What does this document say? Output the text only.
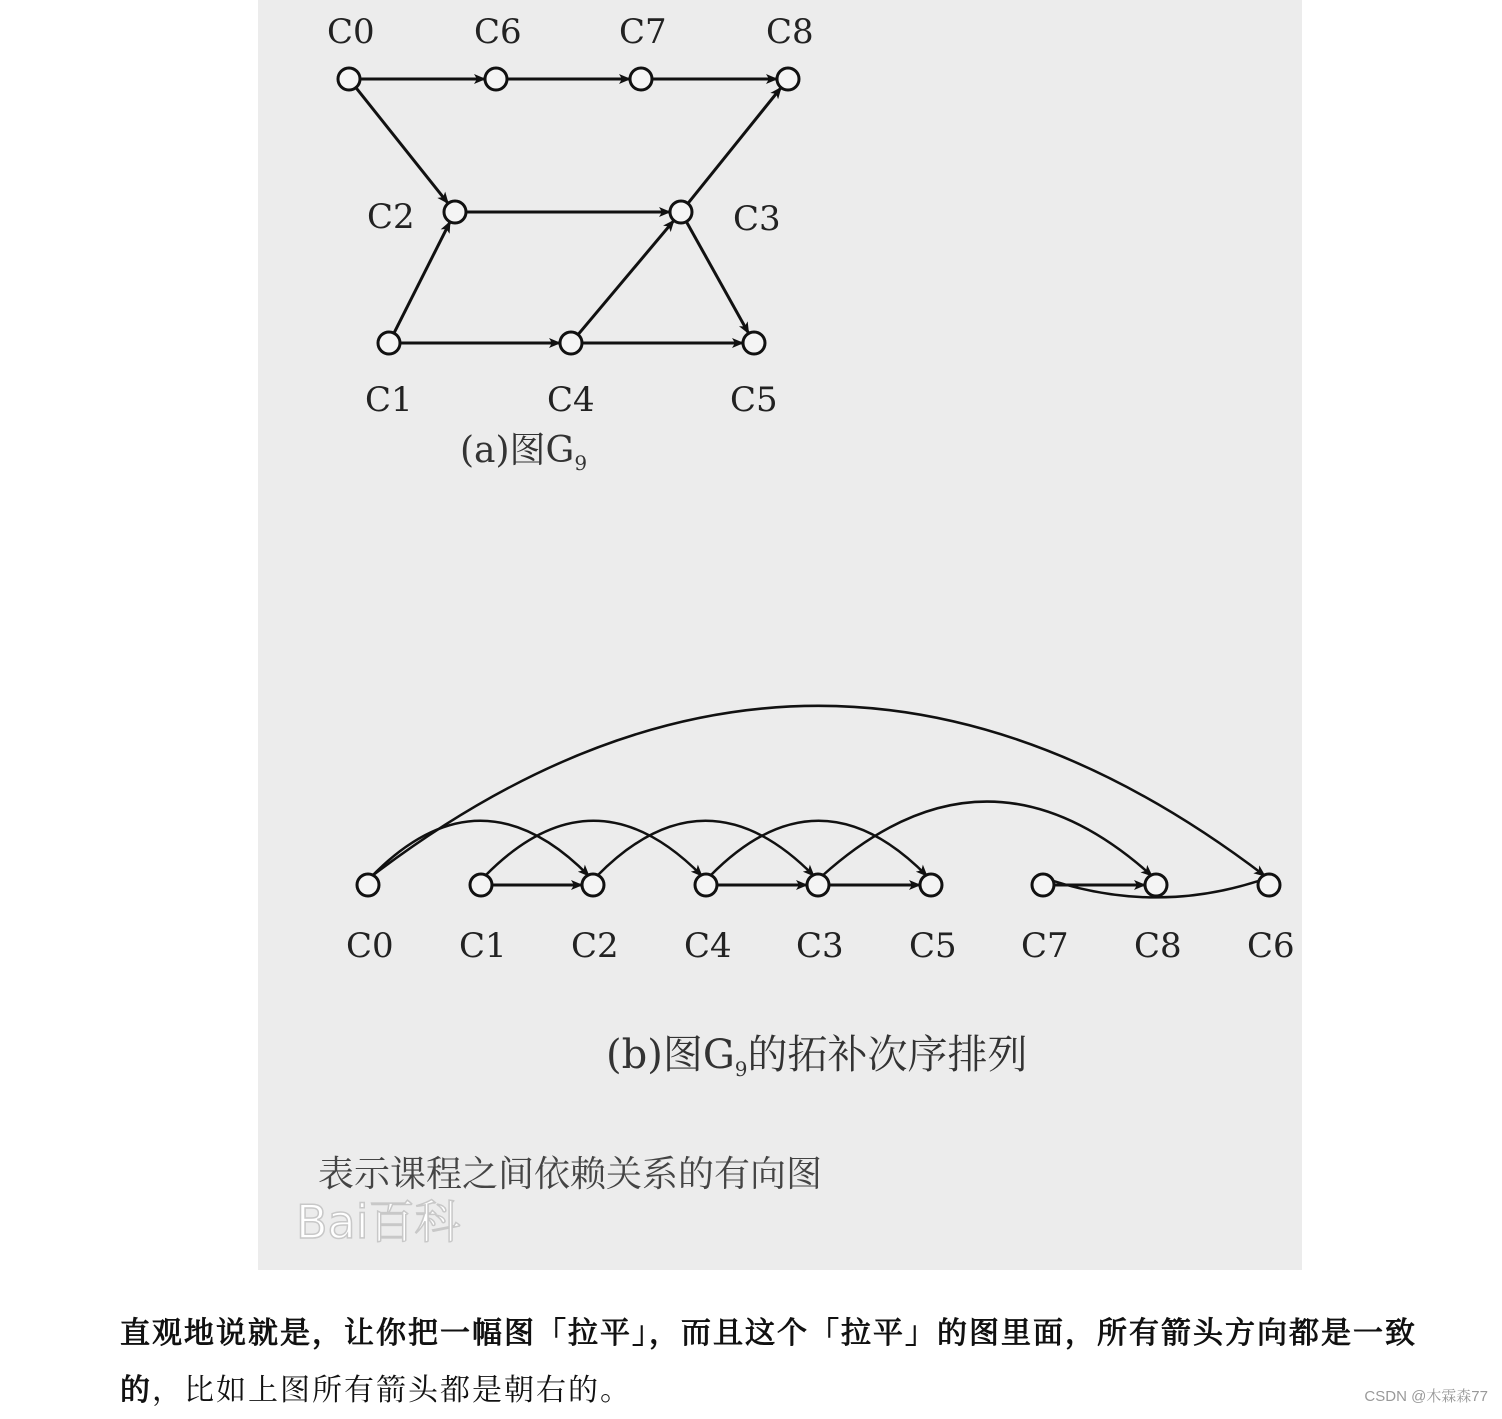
C0	C6	C7	C8
C2	C3
C1	C4	C5
(a)图$G_9$
C0 C1 C2 C4 C3 C5 C7 C8 C6
(b)图$G_9$的拓补次序排列
表示课程之间依赖关系的有向图
Bai百科
直观地说就是，让你把一幅图「拉平」，而且这个「拉平」的图里面，所有箭头方向都是一致的，比如上图所有箭头都是朝右的。	CSDN @木霖森77
